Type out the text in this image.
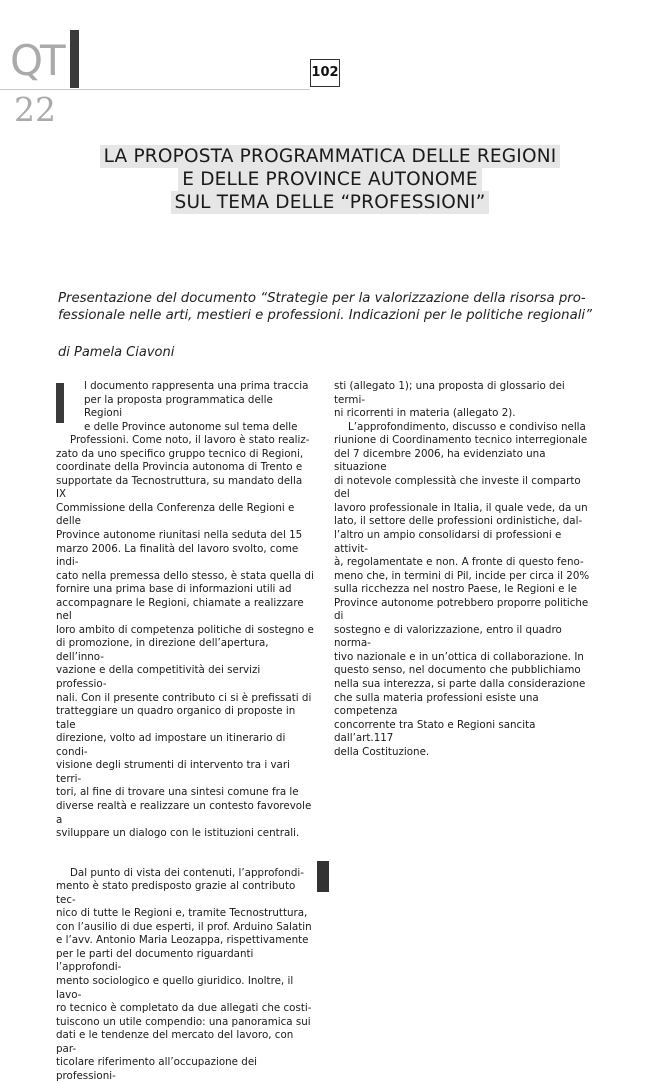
QT
22
102
LA PROPOSTA PROGRAMMATICA DELLE REGIONI
E DELLE PROVINCE AUTONOME
SUL TEMA DELLE “PROFESSIONI”
Presentazione del documento “Strategie per la valorizzazione della risorsa pro-
fessionale nelle arti, mestieri e professioni. Indicazioni per le politiche regionali”
di Pamela Ciavoni

l documento rappresenta una prima traccia

per la proposta programmatica delle Regioni

e delle Province autonome sul tema delle

Professioni. Come noto, il lavoro è stato realiz-

zato da uno specifico gruppo tecnico di Regioni,

coordinate della Provincia autonoma di Trento e

supportate da Tecnostruttura, su mandato della IX

Commissione della Conferenza delle Regioni e delle

Province autonome riunitasi nella seduta del 15

marzo 2006. La finalità del lavoro svolto, come indi-

cato nella premessa dello stesso, è stata quella di

fornire una prima base di informazioni utili ad

accompagnare le Regioni, chiamate a realizzare nel

loro ambito di competenza politiche di sostegno e

di promozione, in direzione dell’apertura, dell’inno-

vazione e della competitività dei servizi professio-

nali. Con il presente contributo ci si è prefissati di

tratteggiare un quadro organico di proposte in tale

direzione, volto ad impostare un itinerario di condi-

visione degli strumenti di intervento tra i vari terri-

tori, al fine di trovare una sintesi comune fra le

diverse realtà e realizzare un contesto favorevole a

sviluppare un dialogo con le istituzioni centrali.

Dal punto di vista dei contenuti, l’approfondi-

mento è stato predisposto grazie al contributo tec-

nico di tutte le Regioni e, tramite Tecnostruttura,

con l’ausilio di due esperti, il prof. Arduino Salatin

e l’avv. Antonio Maria Leozappa, rispettivamente

per le parti del documento riguardanti l’approfondi-

mento sociologico e quello giuridico. Inoltre, il lavo-

ro tecnico è completato da due allegati che costi-

tuiscono un utile compendio: una panoramica sui

dati e le tendenze del mercato del lavoro, con par-

ticolare riferimento all’occupazione dei professioni-

sti (allegato 1); una proposta di glossario dei termi-

ni ricorrenti in materia (allegato 2).

L’approfondimento, discusso e condiviso nella

riunione di Coordinamento tecnico interregionale

del 7 dicembre 2006, ha evidenziato una situazione

di notevole complessità che investe il comparto del

lavoro professionale in Italia, il quale vede, da un

lato, il settore delle professioni ordinistiche, dal-

l’altro un ampio consolidarsi di professioni e attivit-

à, regolamentate e non. A fronte di questo feno-

meno che, in termini di Pil, incide per circa il 20%

sulla ricchezza nel nostro Paese, le Regioni e le

Province autonome potrebbero proporre politiche di

sostegno e di valorizzazione, entro il quadro norma-

tivo nazionale e in un’ottica di collaborazione. In

questo senso, nel documento che pubblichiamo

nella sua interezza, si parte dalla considerazione

che sulla materia professioni esiste una competenza

concorrente tra Stato e Regioni sancita dall’art.117

della Costituzione.
